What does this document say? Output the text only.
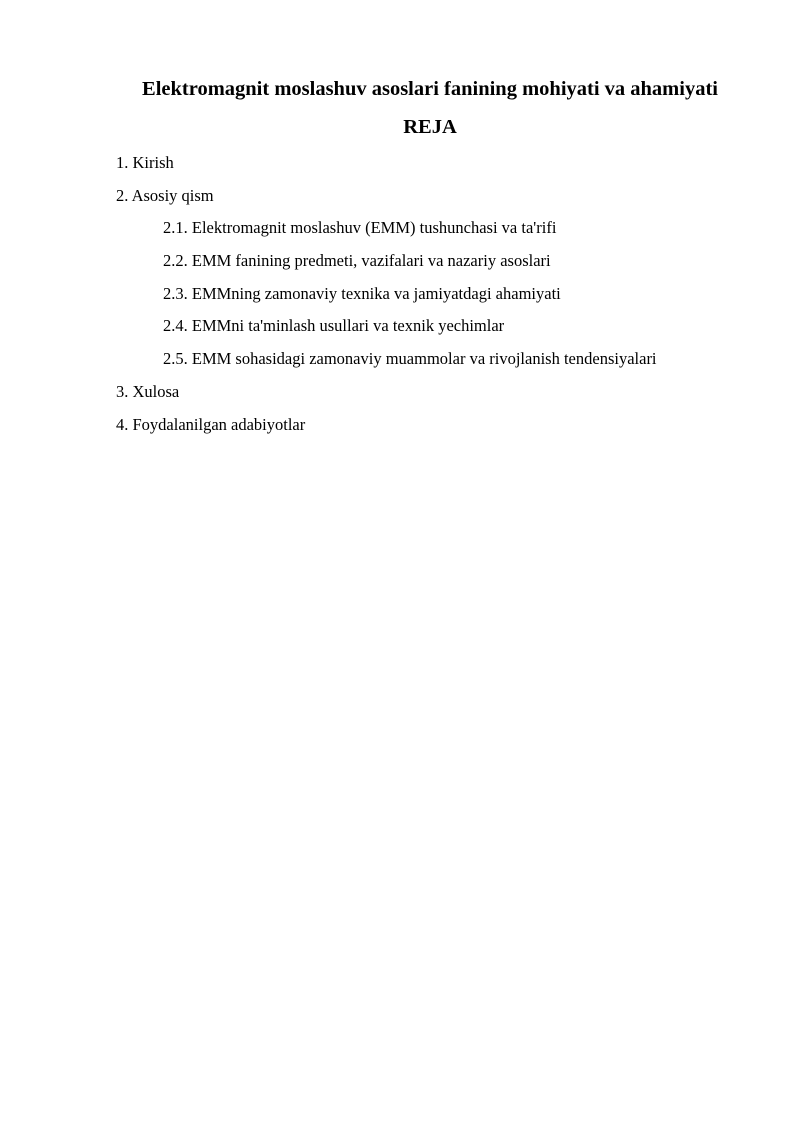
Elektromagnit moslashuv asoslari fanining mohiyati va ahamiyati
REJA
1. Kirish
2. Asosiy qism
2.1. Elektromagnit moslashuv (EMM) tushunchasi va ta'rifi
2.2. EMM fanining predmeti, vazifalari va nazariy asoslari
2.3. EMMning zamonaviy texnika va jamiyatdagi ahamiyati
2.4. EMMni ta'minlash usullari va texnik yechimlar
2.5. EMM sohasidagi zamonaviy muammolar va rivojlanish tendensiyalari
3. Xulosa
4. Foydalanilgan adabiyotlar
